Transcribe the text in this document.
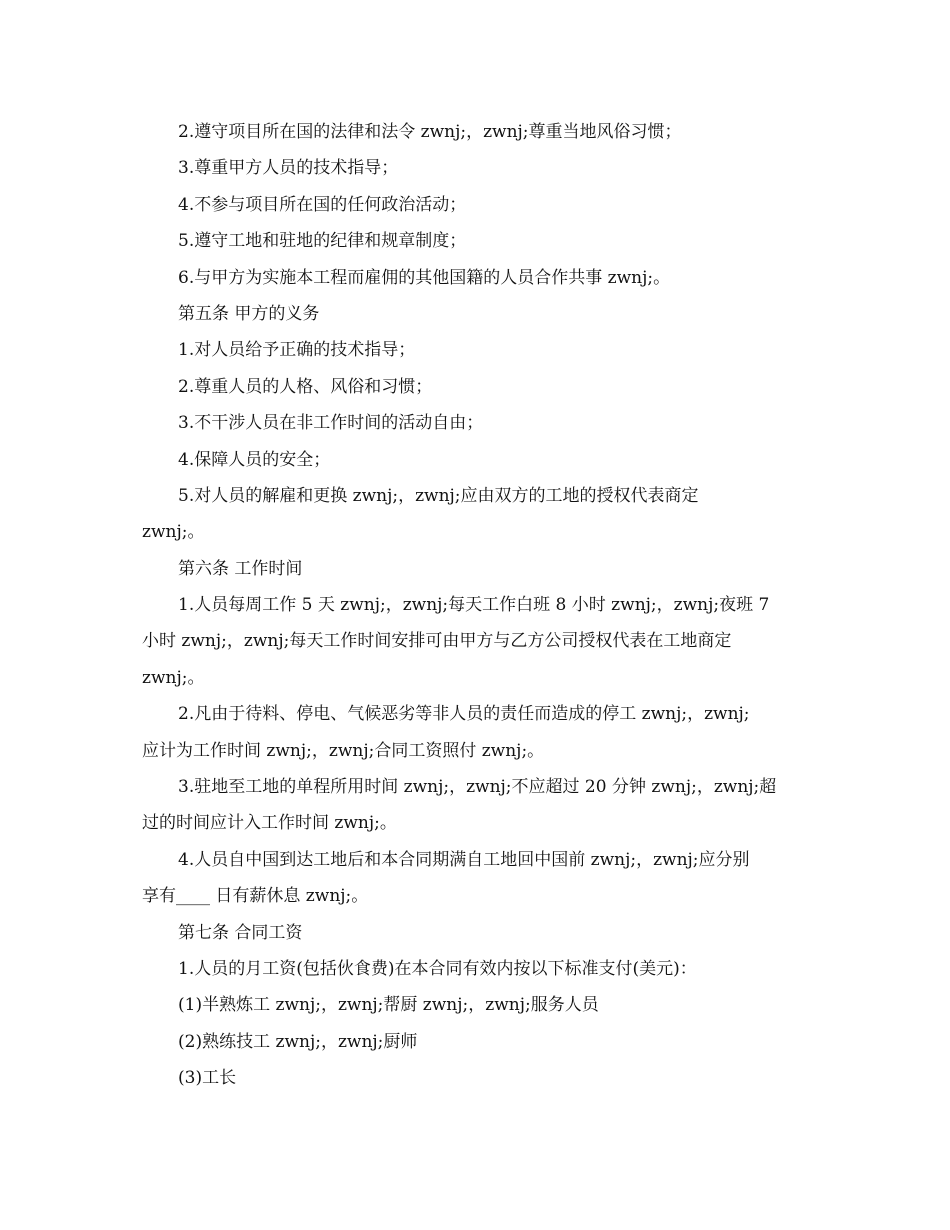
2.遵守项目所在国的法律和法令 zwnj;，zwnj;尊重当地风俗习惯；
3.尊重甲方人员的技术指导；
4.不参与项目所在国的任何政治活动；
5.遵守工地和驻地的纪律和规章制度；
6.与甲方为实施本工程而雇佣的其他国籍的人员合作共事 zwnj;。
第五条 甲方的义务
1.对人员给予正确的技术指导；
2.尊重人员的人格、风俗和习惯；
3.不干涉人员在非工作时间的活动自由；
4.保障人员的安全；
5.对人员的解雇和更换 zwnj;，zwnj;应由双方的工地的授权代表商定
zwnj;。
第六条 工作时间
1.人员每周工作 5 天 zwnj;，zwnj;每天工作白班 8 小时 zwnj;，zwnj;夜班 7
小时 zwnj;，zwnj;每天工作时间安排可由甲方与乙方公司授权代表在工地商定
zwnj;。
2.凡由于待料、停电、气候恶劣等非人员的责任而造成的停工 zwnj;，zwnj;
应计为工作时间 zwnj;，zwnj;合同工资照付 zwnj;。
3.驻地至工地的单程所用时间 zwnj;，zwnj;不应超过 20 分钟 zwnj;，zwnj;超
过的时间应计入工作时间 zwnj;。
4.人员自中国到达工地后和本合同期满自工地回中国前 zwnj;，zwnj;应分别
享有____ 日有薪休息 zwnj;。
第七条 合同工资
1.人员的月工资(包括伙食费)在本合同有效内按以下标准支付(美元)：
(1)半熟炼工 zwnj;，zwnj;帮厨 zwnj;，zwnj;服务人员
(2)熟练技工 zwnj;，zwnj;厨师
(3)工长
